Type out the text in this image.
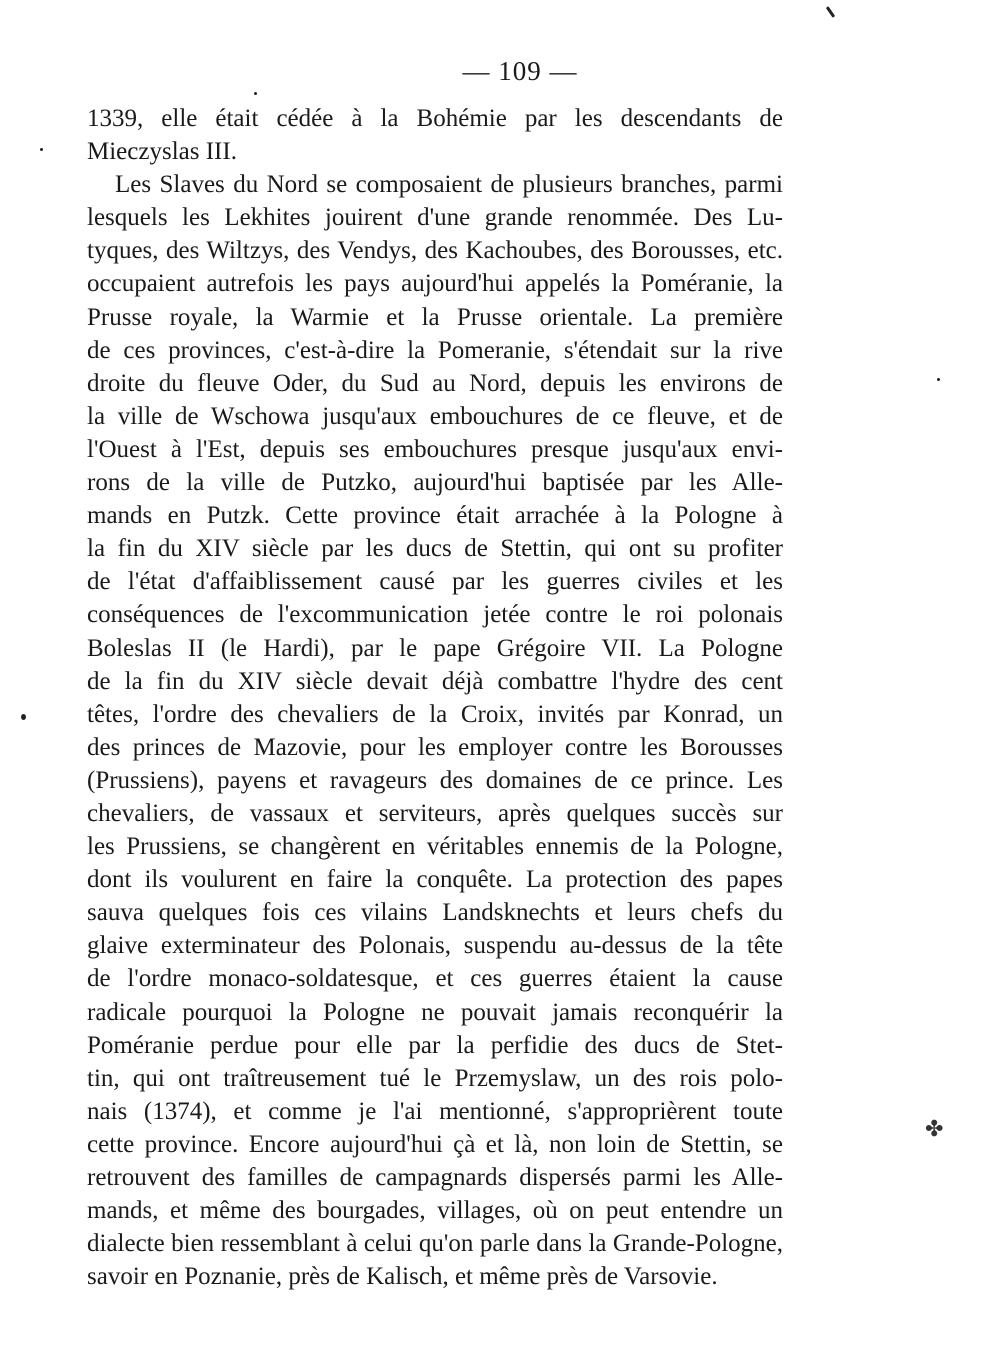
— 109 —
1339, elle était cédée à la Bohémie par les descendants de
Mieczyslas III.
Les Slaves du Nord se composaient de plusieurs branches, parmi
lesquels les Lekhites jouirent d'une grande renommée. Des Lu-
tyques, des Wiltzys, des Vendys, des Kachoubes, des Borousses, etc.
occupaient autrefois les pays aujourd'hui appelés la Poméranie, la
Prusse royale, la Warmie et la Prusse orientale. La première
de ces provinces, c'est-à-dire la Pomeranie, s'étendait sur la rive
droite du fleuve Oder, du Sud au Nord, depuis les environs de
la ville de Wschowa jusqu'aux embouchures de ce fleuve, et de
l'Ouest à l'Est, depuis ses embouchures presque jusqu'aux envi-
rons de la ville de Putzko, aujourd'hui baptisée par les Alle-
mands en Putzk. Cette province était arrachée à la Pologne à
la fin du XIV siècle par les ducs de Stettin, qui ont su profiter
de l'état d'affaiblissement causé par les guerres civiles et les
conséquences de l'excommunication jetée contre le roi polonais
Boleslas II (le Hardi), par le pape Grégoire VII. La Pologne
de la fin du XIV siècle devait déjà combattre l'hydre des cent
têtes, l'ordre des chevaliers de la Croix, invités par Konrad, un
des princes de Mazovie, pour les employer contre les Borousses
(Prussiens), payens et ravageurs des domaines de ce prince. Les
chevaliers, de vassaux et serviteurs, après quelques succès sur
les Prussiens, se changèrent en véritables ennemis de la Pologne,
dont ils voulurent en faire la conquête. La protection des papes
sauva quelques fois ces vilains Landsknechts et leurs chefs du
glaive exterminateur des Polonais, suspendu au-dessus de la tête
de l'ordre monaco-soldatesque, et ces guerres étaient la cause
radicale pourquoi la Pologne ne pouvait jamais reconquérir la
Poméranie perdue pour elle par la perfidie des ducs de Stet-
tin, qui ont traîtreusement tué le Przemyslaw, un des rois polo-
nais (1374), et comme je l'ai mentionné, s'approprièrent toute
cette province. Encore aujourd'hui çà et là, non loin de Stettin, se
retrouvent des familles de campagnards dispersés parmi les Alle-
mands, et même des bourgades, villages, où on peut entendre un
dialecte bien ressemblant à celui qu'on parle dans la Grande-Pologne,
savoir en Poznanie, près de Kalisch, et même près de Varsovie.
✤
